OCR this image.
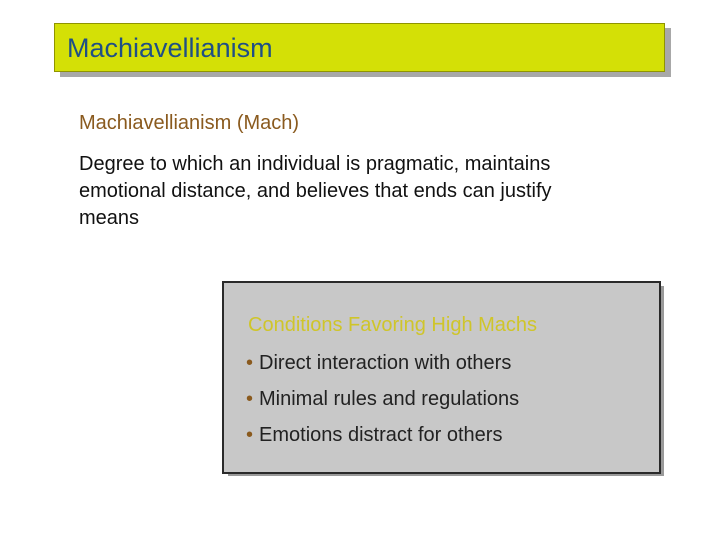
Machiavellianism
Machiavellianism (Mach)
Degree to which an individual is pragmatic, maintains emotional distance, and believes that ends can justify means
Conditions Favoring High Machs
• Direct interaction with others
• Minimal rules and regulations
• Emotions distract for others
